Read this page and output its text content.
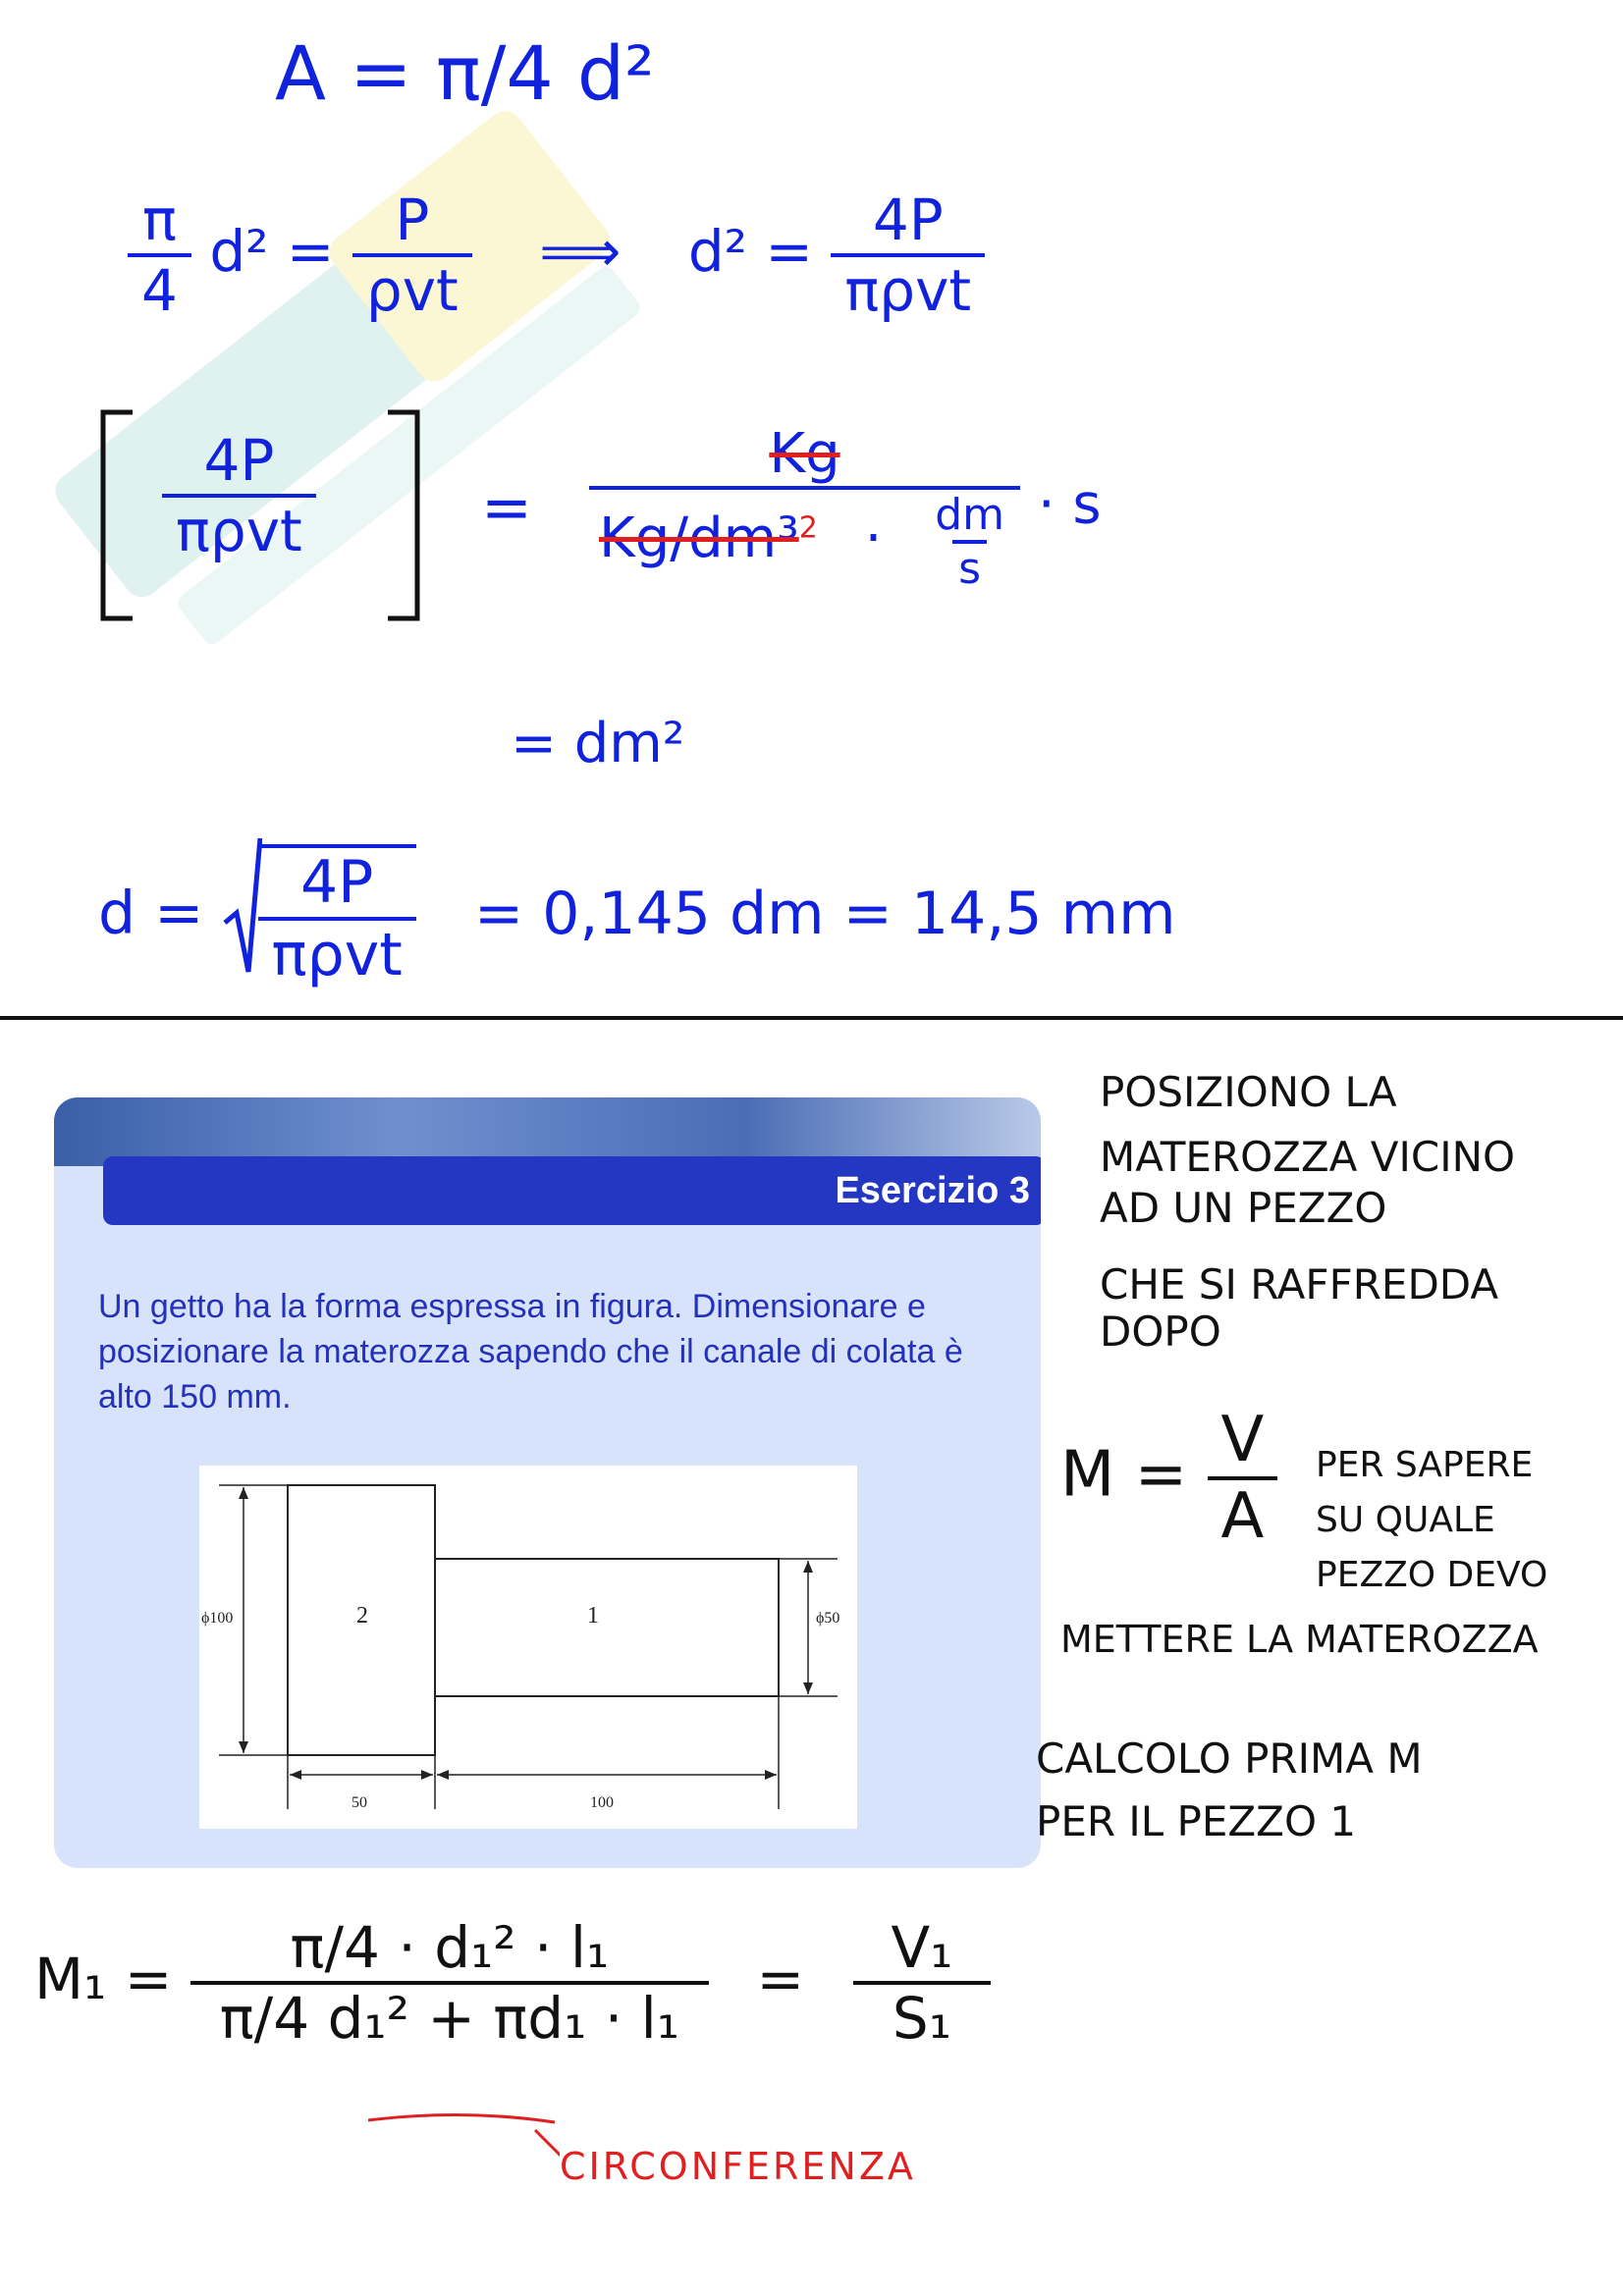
A = π/4 d²
$\frac{\pi}{4} d^2 = \frac{P}{\text{ρvt}}$ ⟹ $d^2 = \frac{4P}{\text{πρvt}}$
4P
πρvt	= $\frac{Kg}{Kg/dm^3^2 \cdot \frac{dm}{s}} \cdot s$
= dm²
$d = \frac{4P}{\text{πρvt}} = 0,145$ dm = 14,5 mm
Esercizio 3
Un getto ha la forma espressa in figura. Dimensionare e posizionare la materozza sapendo che il canale di colata è alto 150 mm.
2	1
ϕ100	ϕ50
50	100
POSIZIONO LA
MATEROZZA VICINO
AD UN PEZZO
CHE SI RAFFREDDA
DOPO
$M = \frac{V}{A}$ PER SAPERE
SU QUALE
PEZZO DEVO
METTERE LA MATEROZZA
CALCOLO PRIMA M
PER IL PEZZO 1
$M_1 = \frac{\text{π/4 · d₁² · l₁}}{\text{π/4 d₁² + πd₁ · l₁}} = \frac{\text{V₁}}{\text{S₁}}$
CIRCONFERENZA
